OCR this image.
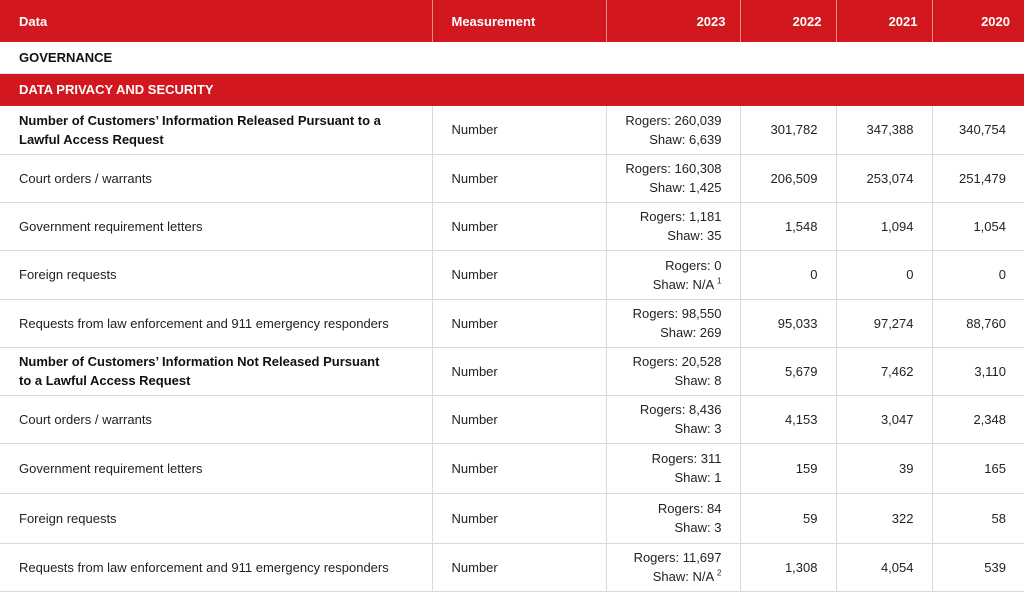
Data	Measurement	2023	2022	2021	2020
GOVERNANCE					
DATA PRIVACY AND SECURITY					

Number of Customers’ Information Released Pursuant to a
Lawful Access Request	Number	Rogers: 260,039
Shaw: 6,639	301,782	347,388	340,754

Court orders / warrants	Number	Rogers: 160,308
Shaw: 1,425	206,509	253,074	251,479

Government requirement letters	Number	Rogers: 1,181
Shaw: 35	1,548	1,094	1,054

Foreign requests	Number	Rogers: 0
Shaw: N/A $^1$	0	0	0

Requests from law enforcement and 911 emergency responders	Number	Rogers: 98,550
Shaw: 269	95,033	97,274	88,760

Number of Customers’ Information Not Released Pursuant
to a Lawful Access Request	Number	Rogers: 20,528
Shaw: 8	5,679	7,462	3,110

Court orders / warrants	Number	Rogers: 8,436
Shaw: 3	4,153	3,047	2,348

Government requirement letters	Number	Rogers: 311
Shaw: 1	159	39	165

Foreign requests	Number	Rogers: 84
Shaw: 3	59	322	58

Requests from law enforcement and 911 emergency responders	Number	Rogers: 11,697
Shaw: N/A $^2$	1,308	4,054	539
